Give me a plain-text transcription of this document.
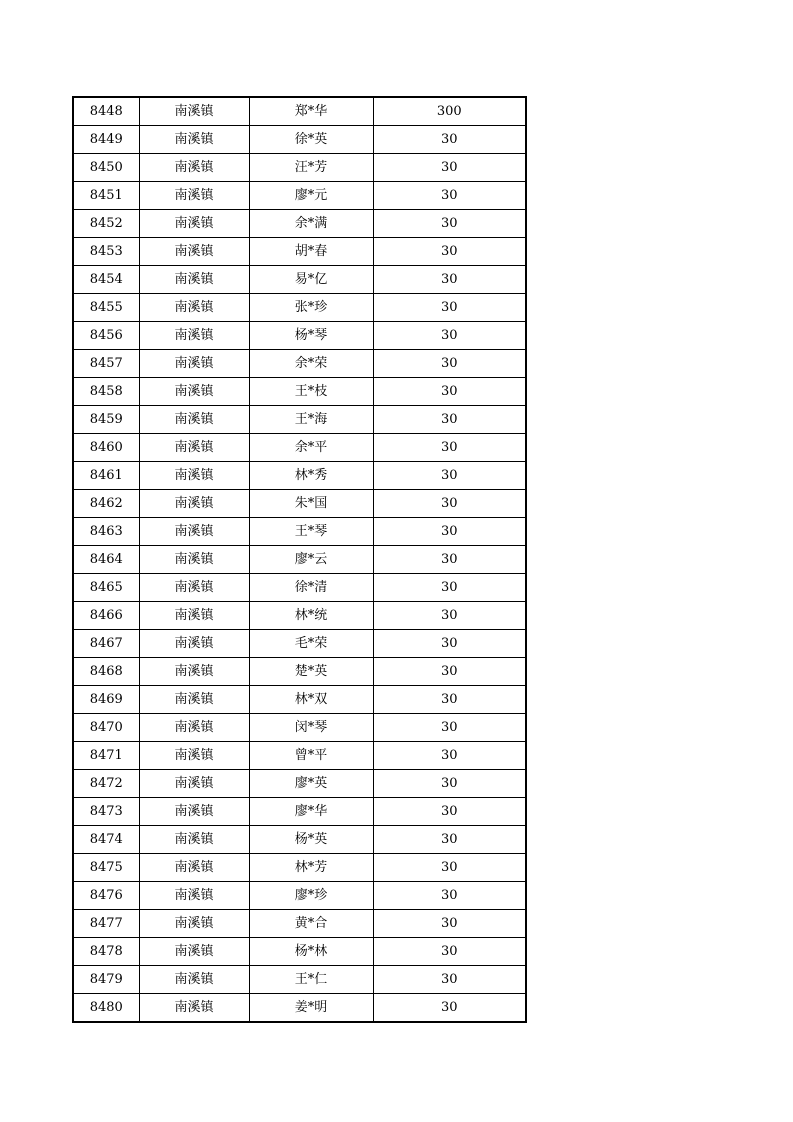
8448	南溪镇	郑*华	300
8449	南溪镇	徐*英	30
8450	南溪镇	汪*芳	30
8451	南溪镇	廖*元	30
8452	南溪镇	余*满	30
8453	南溪镇	胡*春	30
8454	南溪镇	易*亿	30
8455	南溪镇	张*珍	30
8456	南溪镇	杨*琴	30
8457	南溪镇	余*荣	30
8458	南溪镇	王*枝	30
8459	南溪镇	王*海	30
8460	南溪镇	余*平	30
8461	南溪镇	林*秀	30
8462	南溪镇	朱*国	30
8463	南溪镇	王*琴	30
8464	南溪镇	廖*云	30
8465	南溪镇	徐*清	30
8466	南溪镇	林*统	30
8467	南溪镇	毛*荣	30
8468	南溪镇	楚*英	30
8469	南溪镇	林*双	30
8470	南溪镇	闵*琴	30
8471	南溪镇	曾*平	30
8472	南溪镇	廖*英	30
8473	南溪镇	廖*华	30
8474	南溪镇	杨*英	30
8475	南溪镇	林*芳	30
8476	南溪镇	廖*珍	30
8477	南溪镇	黄*合	30
8478	南溪镇	杨*林	30
8479	南溪镇	王*仁	30
8480	南溪镇	姜*明	30
